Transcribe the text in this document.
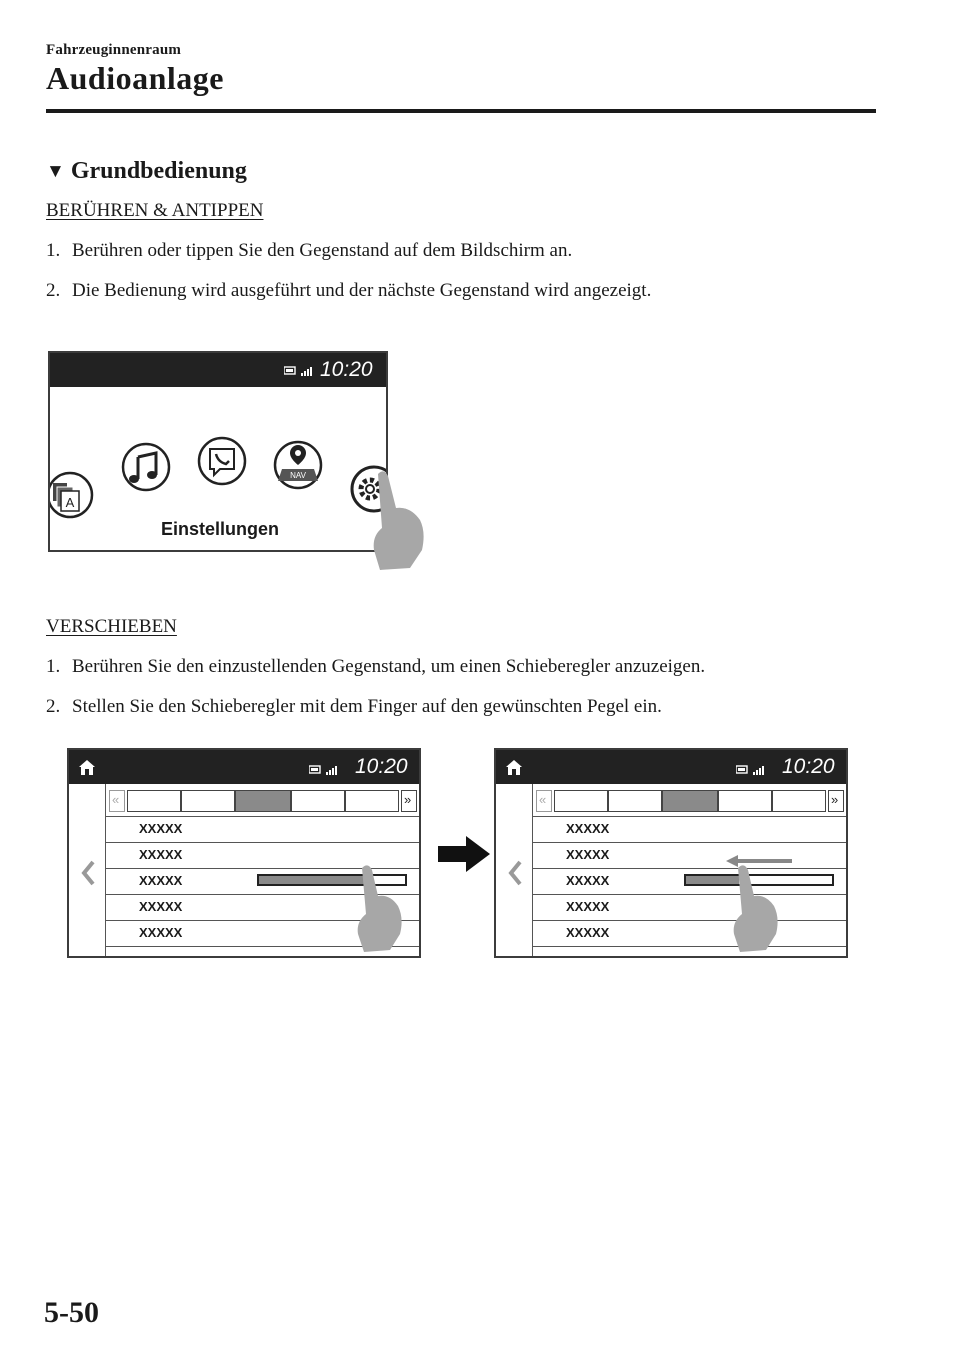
Fahrzeuginnenraum
Audioanlage
▼ Grundbedienung
BERÜHREN & ANTIPPEN
1. Berühren oder tippen Sie den Gegenstand auf dem Bildschirm an.
2. Die Bedienung wird ausgeführt und der nächste Gegenstand wird angezeigt.
10:20
A
NAV
Einstellungen
VERSCHIEBEN
1. Berühren Sie den einzustellenden Gegenstand, um einen Schieberegler anzuzeigen.
2. Stellen Sie den Schieberegler mit dem Finger auf den gewünschten Pegel ein.
10:20
«	»
XXXXX
XXXXX
XXXXX
XXXXX
XXXXX
10:20
«	»
XXXXX
XXXXX
XXXXX
XXXXX
XXXXX
5-50
